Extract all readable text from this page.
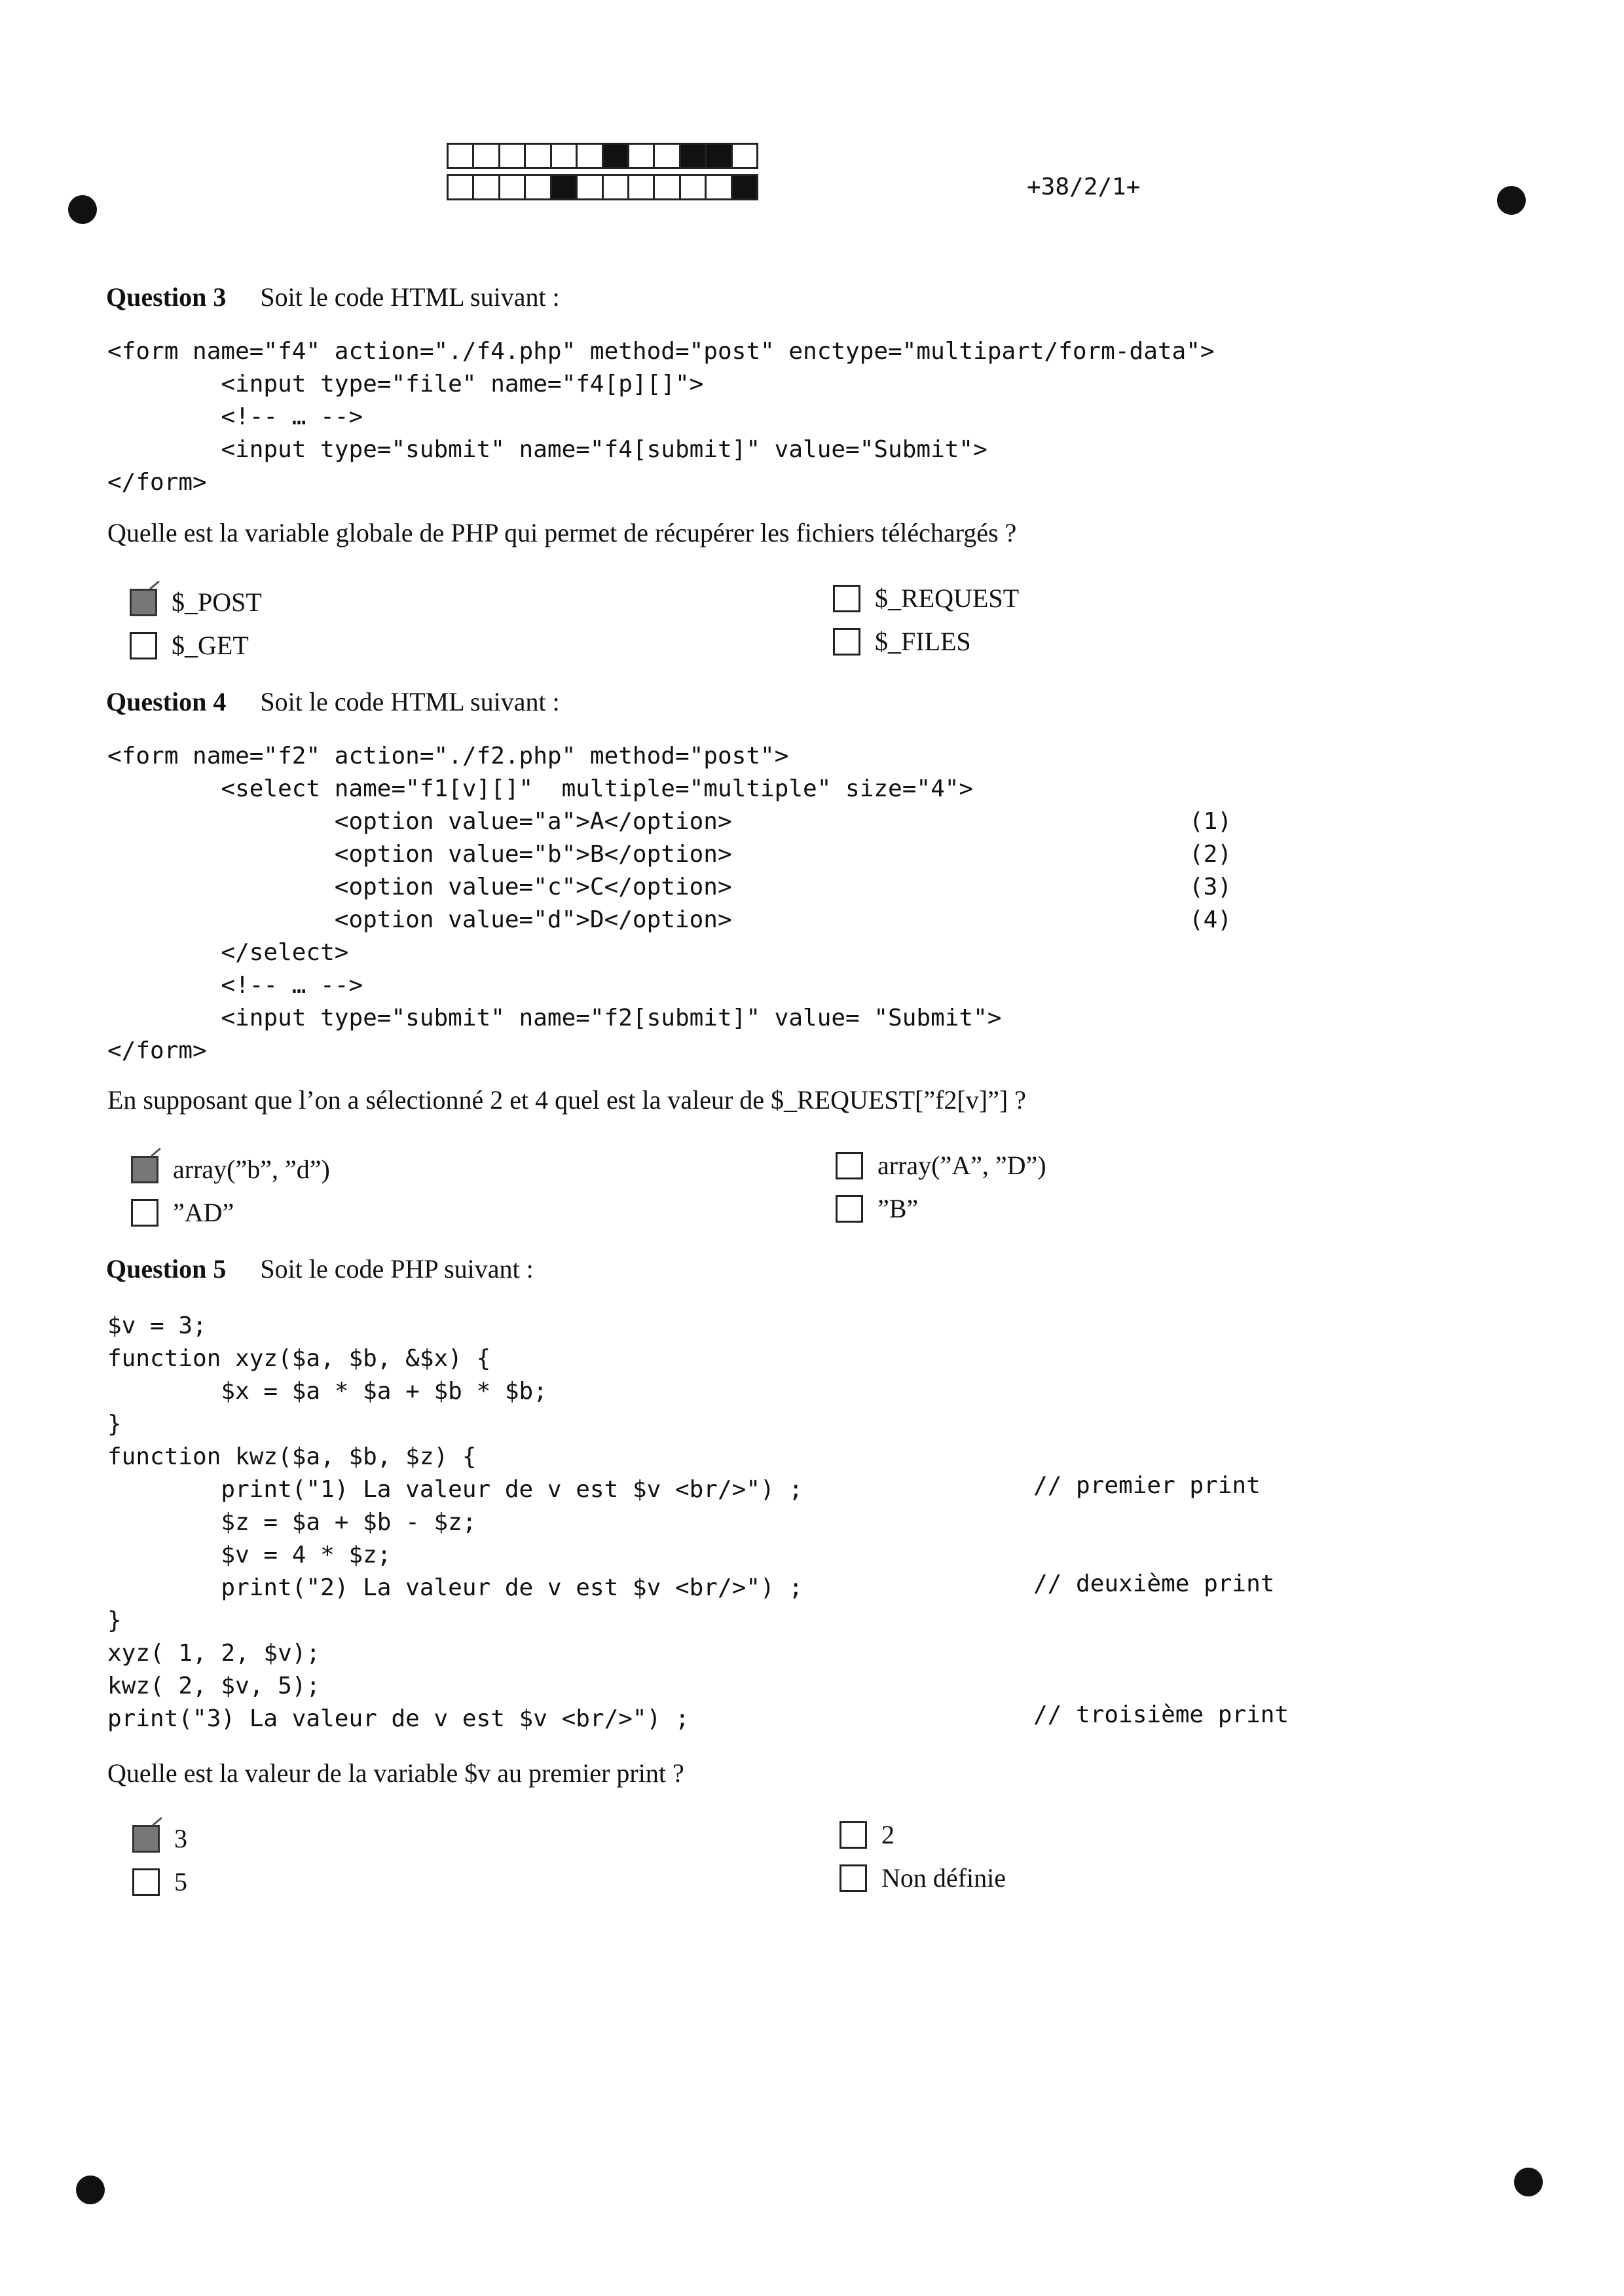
+38/2/1+
Question 3 Soit le code HTML suivant :
<form name="f4" action="./f4.php" method="post" enctype="multipart/form-data">
<input type="file" name="f4[p][]">
<!-- … -->
<input type="submit" name="f4[submit]" value="Submit">
</form>
Quelle est la variable globale de PHP qui permet de récupérer les fichiers téléchargés ?
$_POST
$_GET
$_REQUEST
$_FILES
Question 4 Soit le code HTML suivant :
<form name="f2" action="./f2.php" method="post">
<select name="f1[v][]"  multiple="multiple" size="4">
<option value="a">A</option>
<option value="b">B</option>
<option value="c">C</option>
<option value="d">D</option>
</select>
<!-- … -->
<input type="submit" name="f2[submit]" value= "Submit">
</form>
(1)
(2)
(3)
(4)
En supposant que l’on a sélectionné 2 et 4 quel est la valeur de $_REQUEST[”f2[v]”] ?
array(”b”, ”d”)
”AD”
array(”A”, ”D”)
”B”
Question 5 Soit le code PHP suivant :
$v = 3;
function xyz($a, $b, &$x) {
$x = $a * $a + $b * $b;
}
function kwz($a, $b, $z) {
print("1) La valeur de v est $v <br/>") ;
$z = $a + $b - $z;
$v = 4 * $z;
print("2) La valeur de v est $v <br/>") ;
}
xyz( 1, 2, $v);
kwz( 2, $v, 5);
print("3) La valeur de v est $v <br/>") ;
// premier print
// deuxième print
// troisième print
Quelle est la valeur de la variable $v au premier print ?
3
5
2
Non définie
